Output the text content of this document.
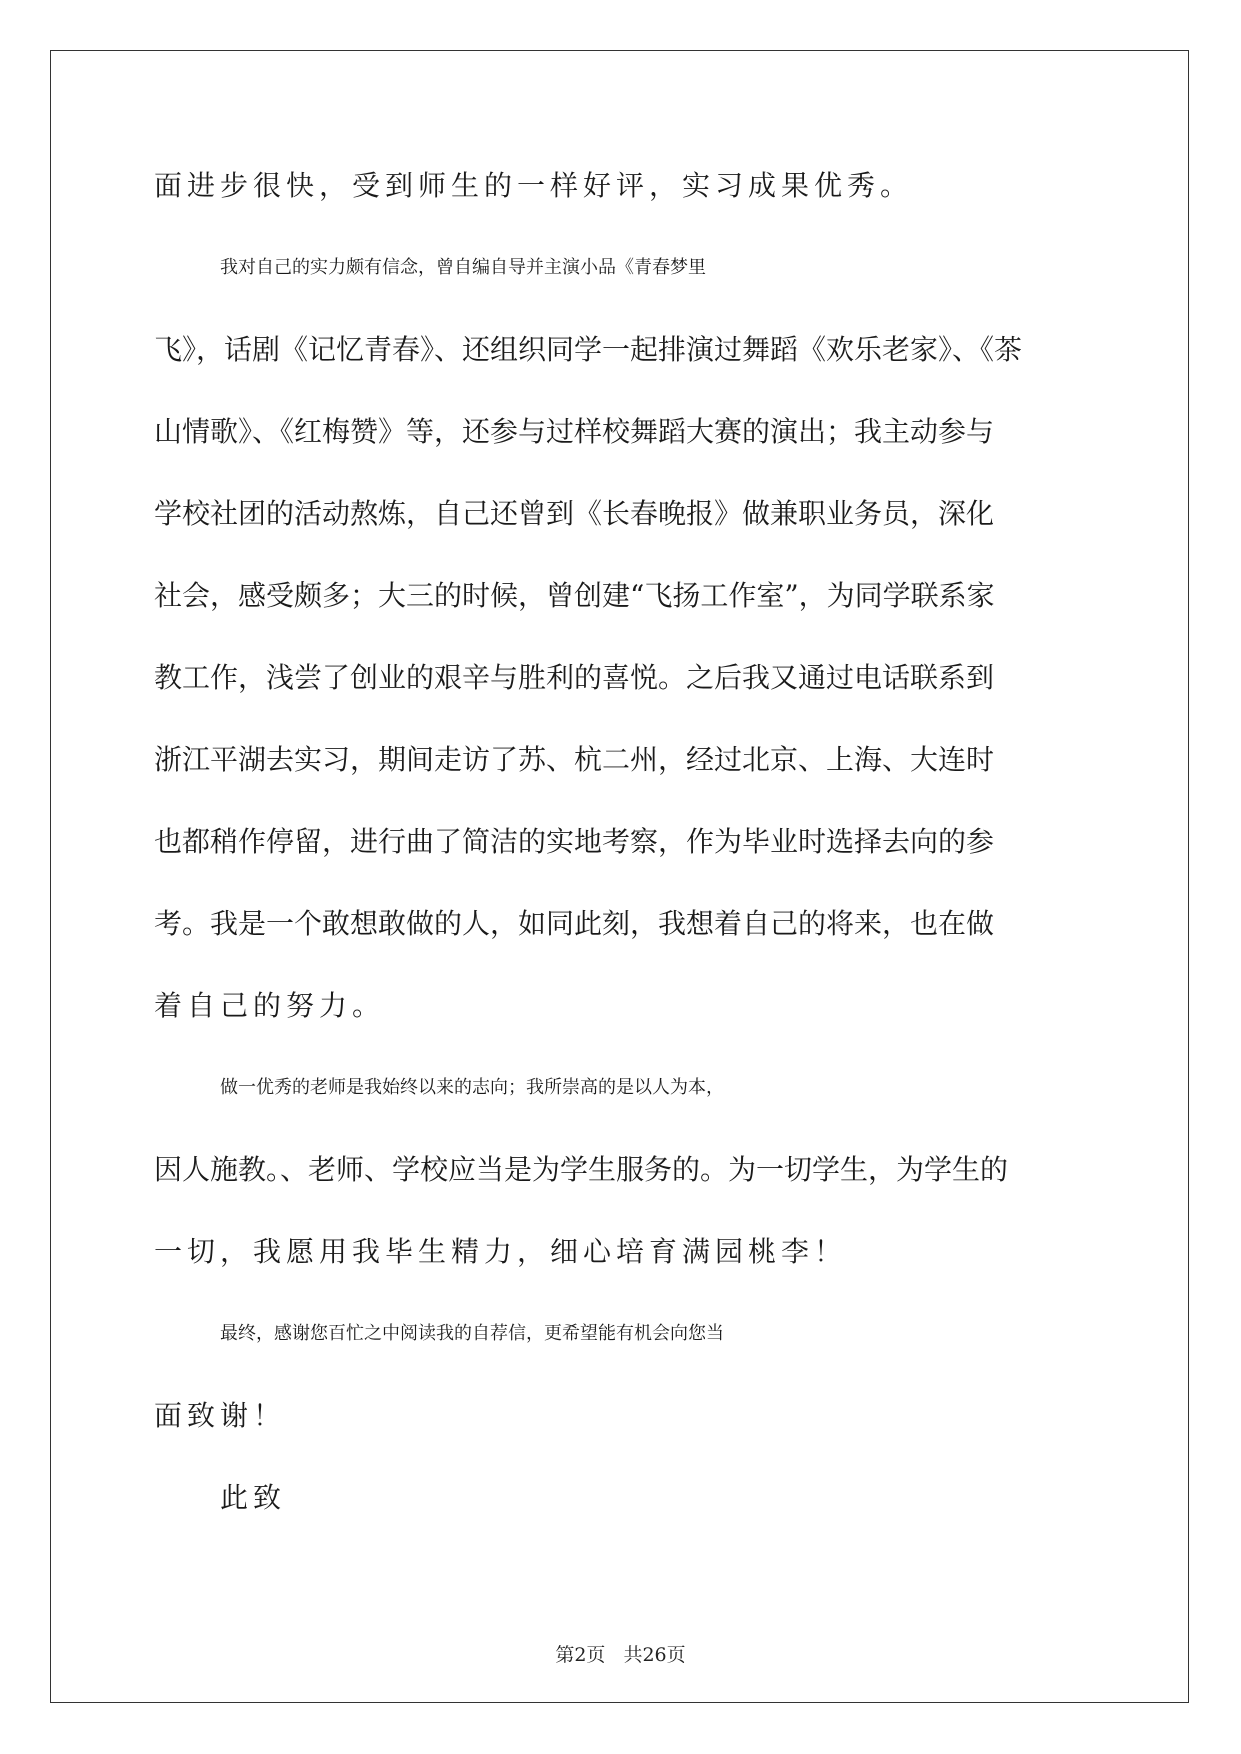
面进步很快，受到师生的一样好评，实习成果优秀。
我对自己的实力颇有信念，曾自编自导并主演小品《青春梦里
飞》，话剧《记忆青春》、还组织同学一起排演过舞蹈《欢乐老家》、《茶
山情歌》、《红梅赞》等，还参与过样校舞蹈大赛的演出；我主动参与
学校社团的活动熬炼，自己还曾到《长春晚报》做兼职业务员，深化
社会，感受颇多；大三的时候，曾创建“飞扬工作室”，为同学联系家
教工作，浅尝了创业的艰辛与胜利的喜悦。之后我又通过电话联系到
浙江平湖去实习，期间走访了苏、杭二州，经过北京、上海、大连时
也都稍作停留，进行曲了简洁的实地考察，作为毕业时选择去向的参
考。我是一个敢想敢做的人，如同此刻，我想着自己的将来，也在做
着自己的努力。
做一优秀的老师是我始终以来的志向；我所崇高的是以人为本，
因人施教。、老师、学校应当是为学生服务的。为一切学生，为学生的
一切，我愿用我毕生精力，细心培育满园桃李！
最终，感谢您百忙之中阅读我的自荐信，更希望能有机会向您当
面致谢！
此致
第2页 共26页
